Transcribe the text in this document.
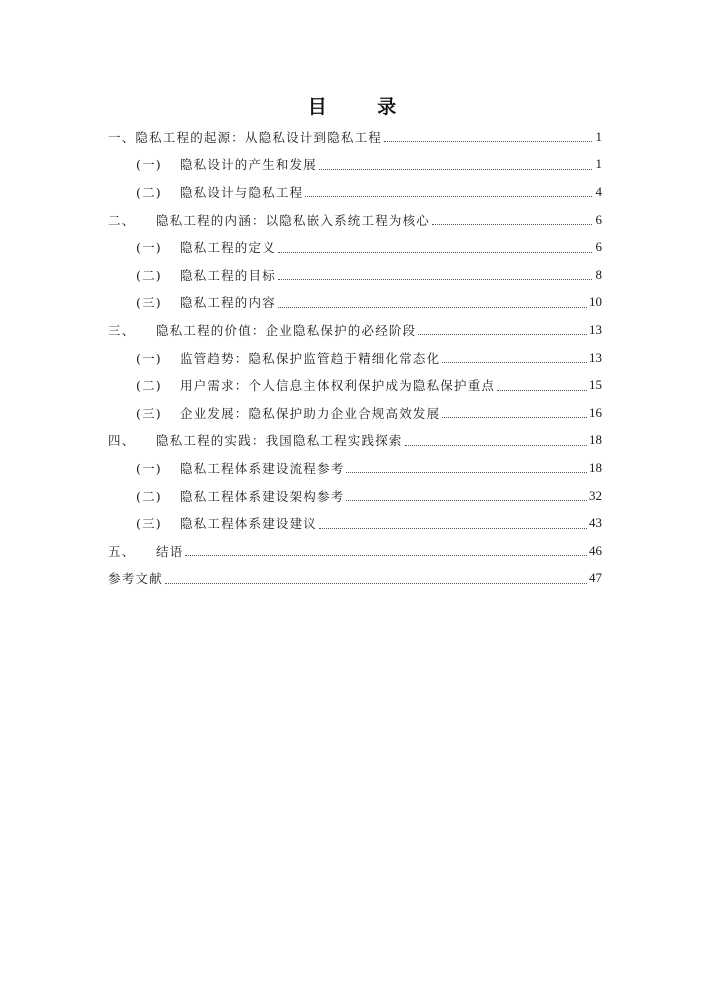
目 录
一、 隐私工程的起源：从隐私设计到隐私工程	1
(一)	隐私设计的产生和发展	1
(二)	隐私设计与隐私工程	4
二、	隐私工程的内涵：以隐私嵌入系统工程为核心	6
(一)	隐私工程的定义	6
(二)	隐私工程的目标	8
(三)	隐私工程的内容	10
三、	隐私工程的价值：企业隐私保护的必经阶段	13
(一)	监管趋势：隐私保护监管趋于精细化常态化	13
(二)	用户需求：个人信息主体权利保护成为隐私保护重点	15
(三)	企业发展：隐私保护助力企业合规高效发展	16
四、	隐私工程的实践：我国隐私工程实践探索	18
(一)	隐私工程体系建设流程参考	18
(二)	隐私工程体系建设架构参考	32
(三)	隐私工程体系建设建议	43
五、	结语	46
参考文献	47
